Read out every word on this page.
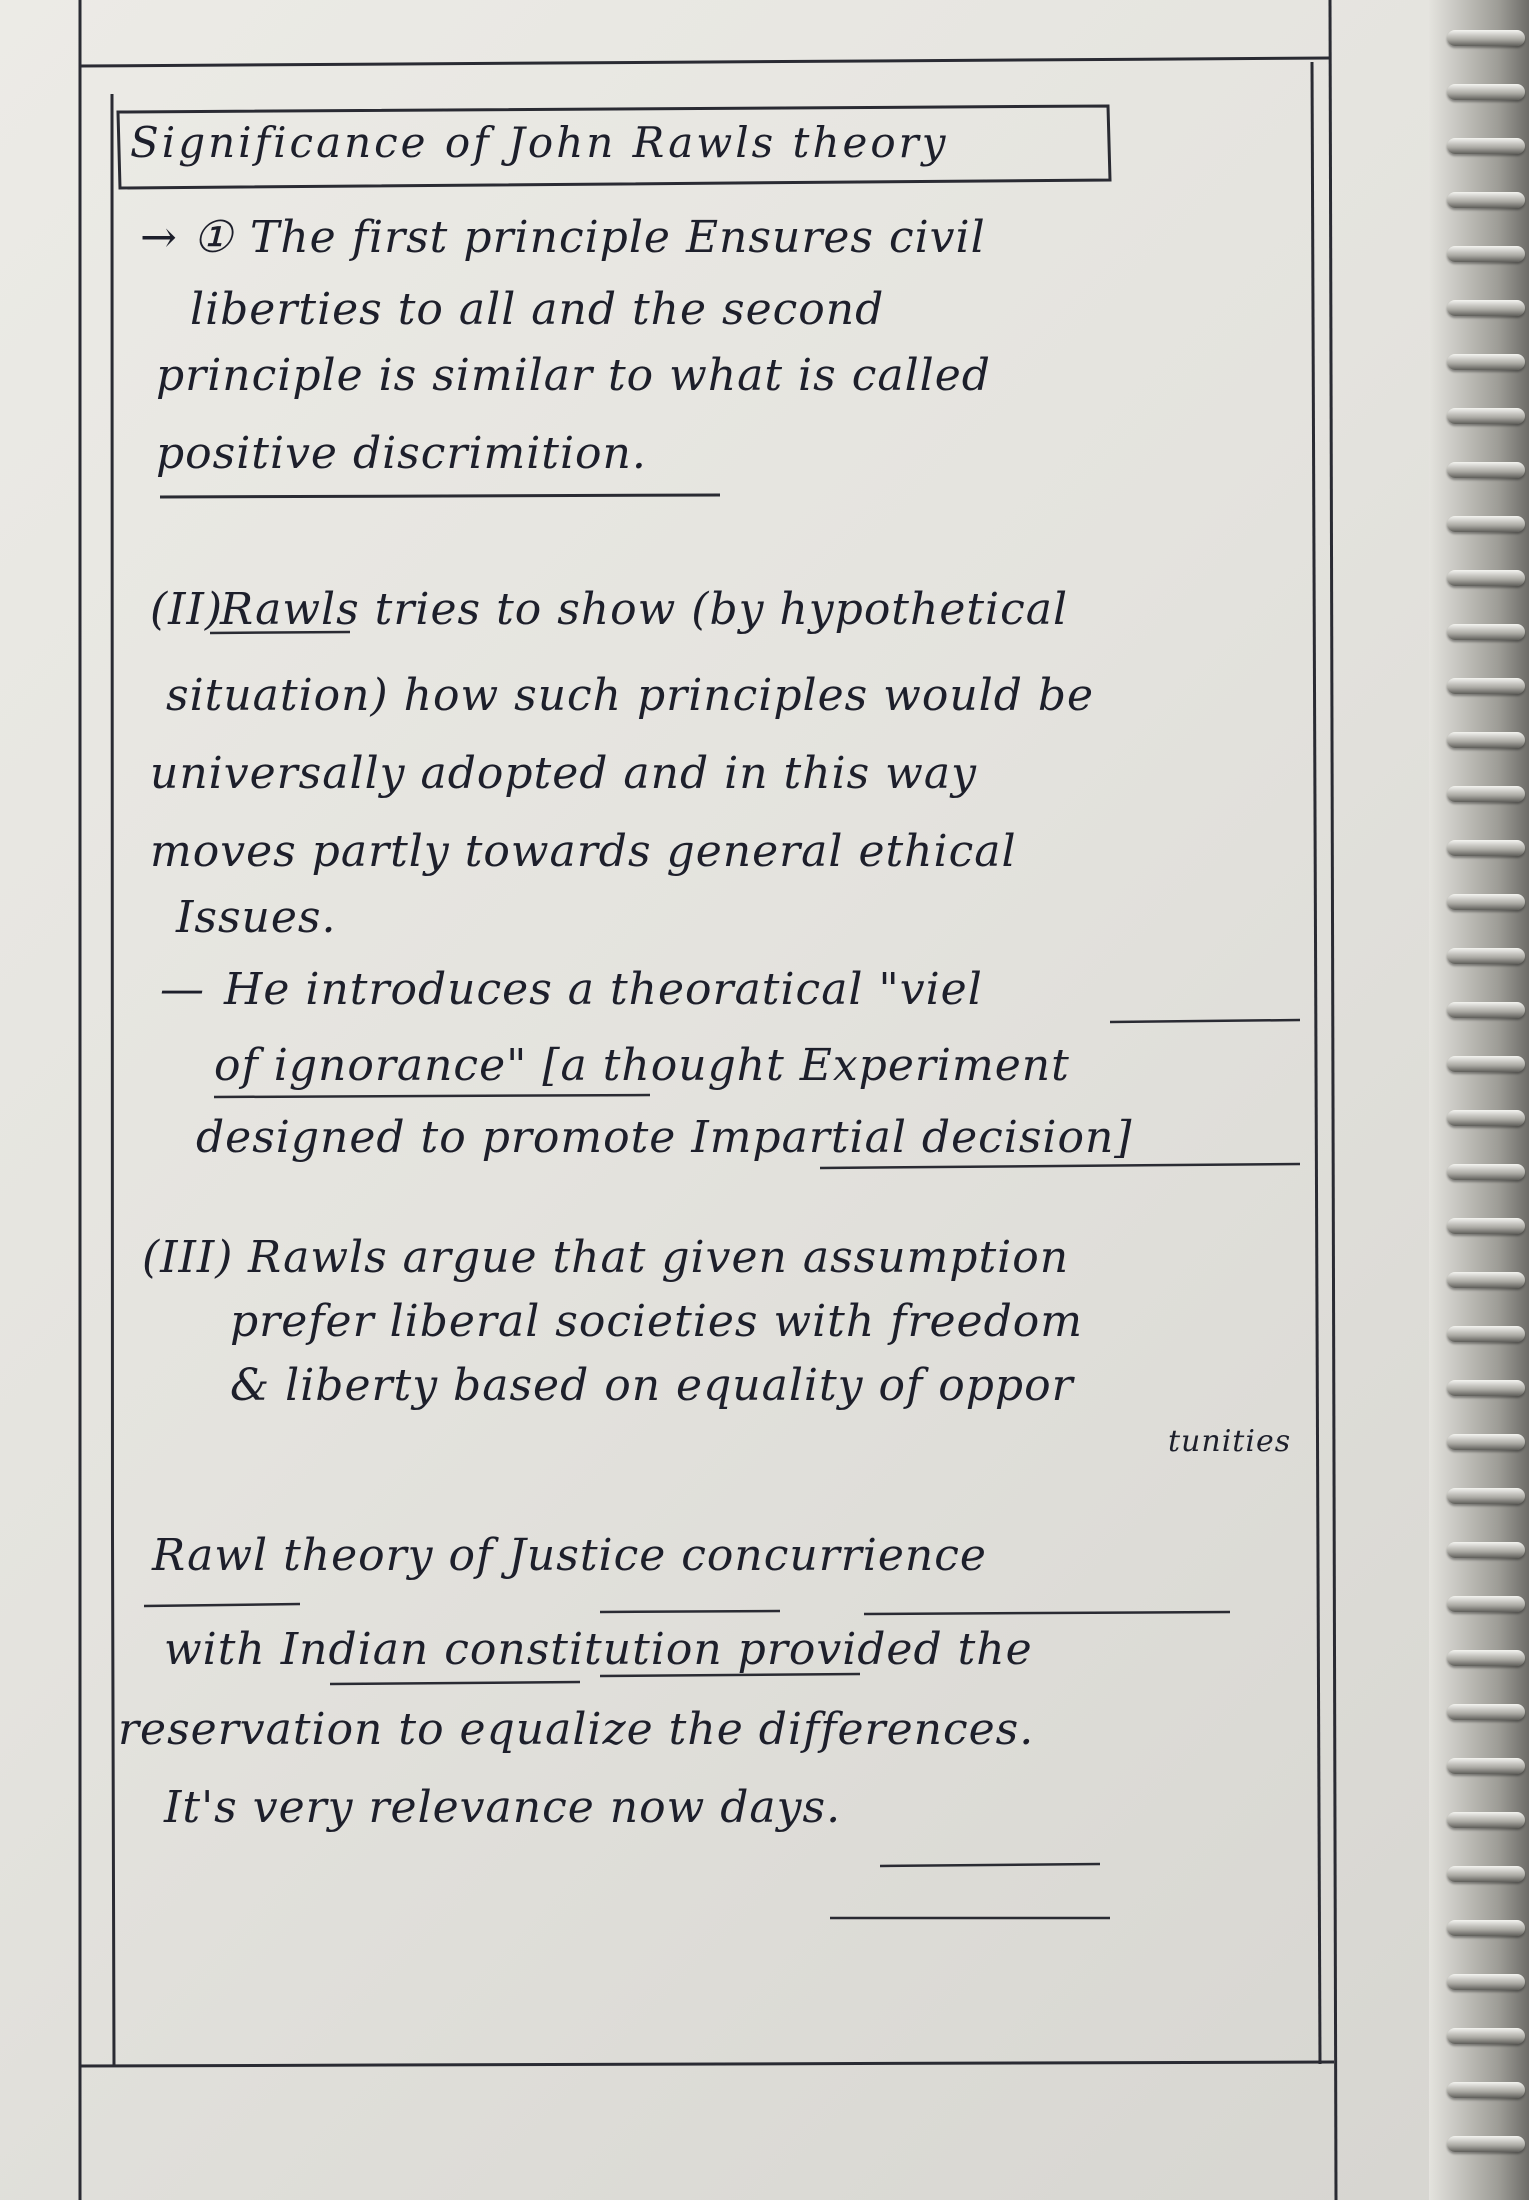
Significance of John Rawls theory
→ ① The first principle Ensures civil
liberties to all and the second
principle is similar to what is called
positive discrimition.
(II)
Rawls tries to show (by hypothetical
situation) how such principles would be
universally adopted and in this way
moves partly towards general ethical
Issues.
— He introduces a theoratical "viel
of ignorance" [a thought Experiment
designed to promote Impartial decision]
(III) Rawls argue that given assumption
prefer liberal societies with freedom
& liberty based on equality of oppor
tunities
Rawl theory of Justice concurrience
with Indian constitution provided the
reservation to equalize the differences.
It's very relevance now days.
